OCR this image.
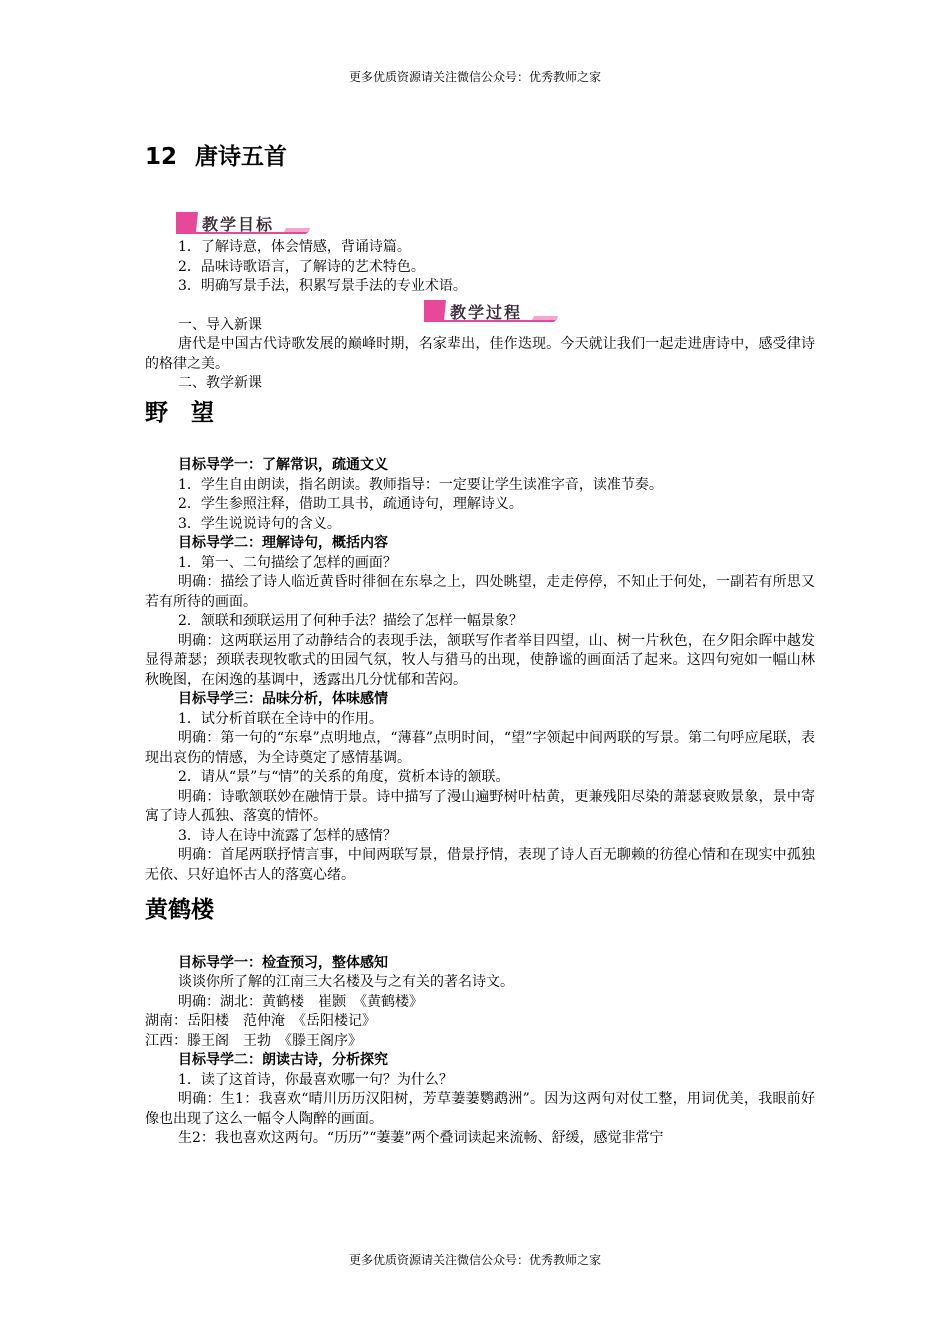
更多优质资源请关注微信公众号：优秀教师之家
12 唐诗五首
教学目标
教学过程

1．了解诗意，体会情感，背诵诗篇。

2．品味诗歌语言，了解诗的艺术特色。

3．明确写景手法，积累写景手法的专业术语。

一、导入新课

唐代是中国古代诗歌发展的巅峰时期，名家辈出，佳作迭现。今天就让我们一起走进唐诗中，感受律诗的格律之美。

二、教学新课

野　望

目标导学一：了解常识，疏通文义

1．学生自由朗读，指名朗读。教师指导：一定要让学生读准字音，读准节奏。

2．学生参照注释，借助工具书，疏通诗句，理解诗义。

3．学生说说诗句的含义。

目标导学二：理解诗句，概括内容

1．第一、二句描绘了怎样的画面？

明确：描绘了诗人临近黄昏时徘徊在东皋之上，四处眺望，走走停停，不知止于何处，一副若有所思又若有所待的画面。

2．颔联和颈联运用了何种手法？描绘了怎样一幅景象？

明确：这两联运用了动静结合的表现手法，颔联写作者举目四望，山、树一片秋色，在夕阳余晖中越发显得萧瑟；颈联表现牧歌式的田园气氛，牧人与猎马的出现，使静谧的画面活了起来。这四句宛如一幅山林秋晚图，在闲逸的基调中，透露出几分忧郁和苦闷。

目标导学三：品味分析，体味感情

1．试分析首联在全诗中的作用。

明确：第一句的“东皋”点明地点，“薄暮”点明时间，“望”字领起中间两联的写景。第二句呼应尾联，表现出哀伤的情感，为全诗奠定了感情基调。

2．请从“景”与“情”的关系的角度，赏析本诗的颔联。

明确：诗歌颔联妙在融情于景。诗中描写了漫山遍野树叶枯黄，更兼残阳尽染的萧瑟衰败景象，景中寄寓了诗人孤独、落寞的情怀。

3．诗人在诗中流露了怎样的感情？

明确：首尾两联抒情言事，中间两联写景，借景抒情，表现了诗人百无聊赖的彷徨心情和在现实中孤独无依、只好追怀古人的落寞心绪。

黄鹤楼

目标导学一：检查预习，整体感知

谈谈你所了解的江南三大名楼及与之有关的著名诗文。

明确：湖北：黄鹤楼　崔颢　《黄鹤楼》

湖南：岳阳楼　范仲淹　《岳阳楼记》

江西：滕王阁　王勃　《滕王阁序》

目标导学二：朗读古诗，分析探究

1．读了这首诗，你最喜欢哪一句？为什么？

明确：生1：我喜欢“晴川历历汉阳树，芳草萋萋鹦鹉洲”。因为这两句对仗工整，用词优美，我眼前好像也出现了这么一幅令人陶醉的画面。

生2：我也喜欢这两句。“历历”“萋萋”两个叠词读起来流畅、舒缓，感觉非常宁

更多优质资源请关注微信公众号：优秀教师之家
